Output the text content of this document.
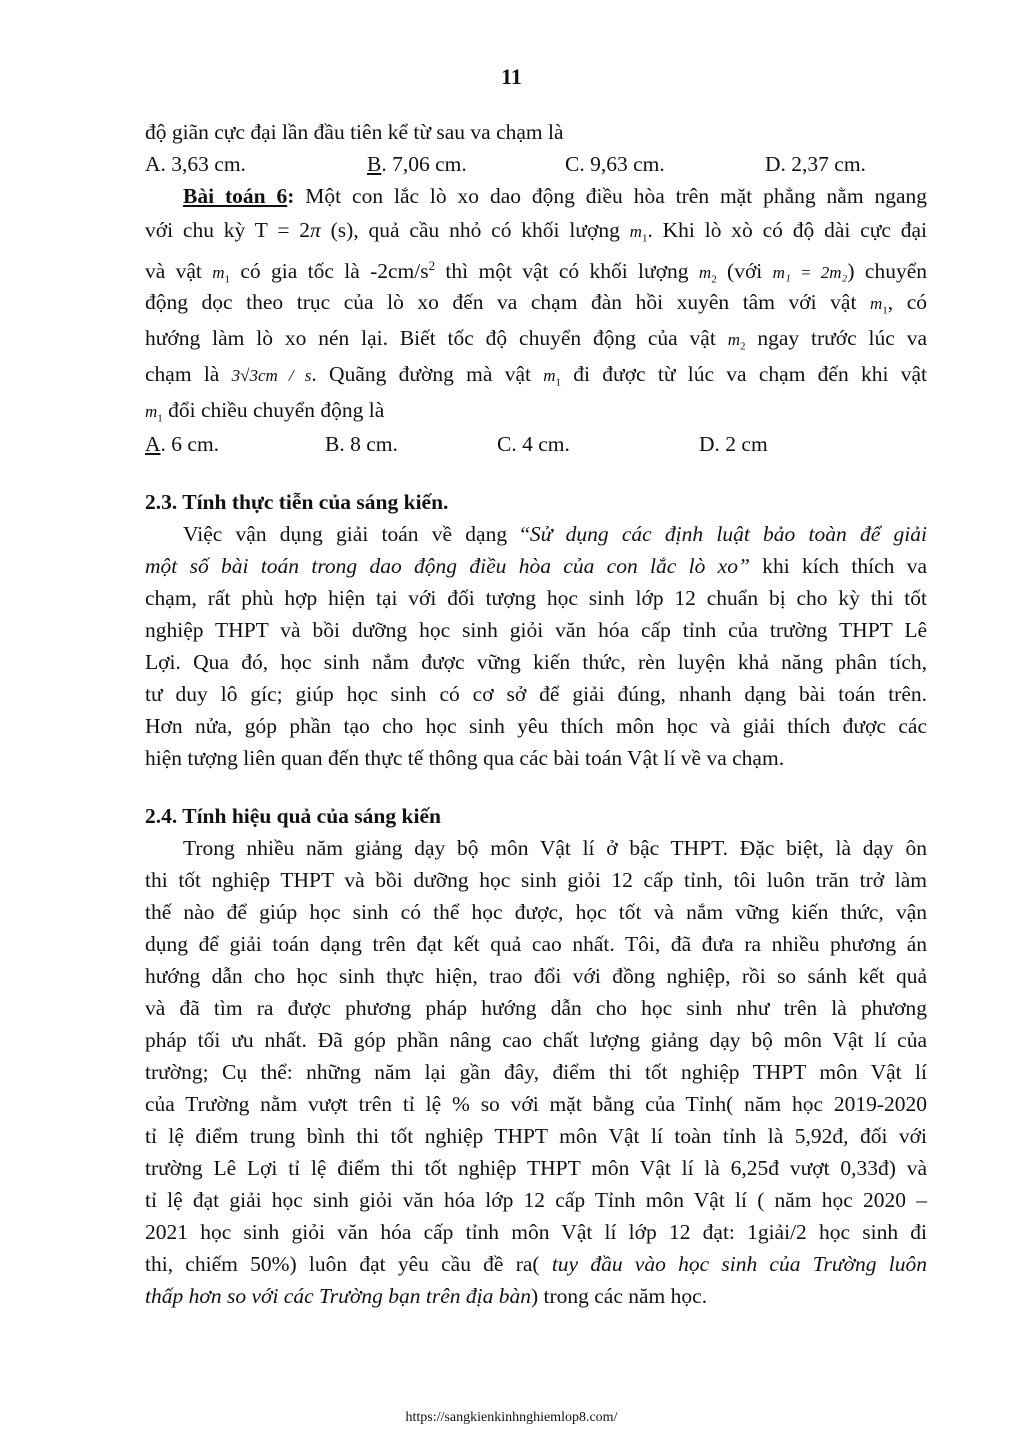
11
độ giãn cực đại lần đầu tiên kể từ sau va chạm là
A. 3,63 cm.	B. 7,06 cm.	C. 9,63 cm.	D. 2,37 cm.
Bài toán 6: Một con lắc lò xo dao động điều hòa trên mặt phẳng nằm ngang
với chu kỳ T = 2π (s), quả cầu nhỏ có khối lượng $m_1$. Khi lò xò có độ dài cực đại
và vật $m_1$ có gia tốc là $-2cm/s^2$ thì một vật có khối lượng $m_2$ (với m₁ = 2m₂) chuyển
động dọc theo trục của lò xo đến va chạm đàn hồi xuyên tâm với vật $m_1$, có
hướng làm lò xo nén lại. Biết tốc độ chuyển động của vật $m_2$ ngay trước lúc va
chạm là 3√3cm / s. Quãng đường mà vật $m_1$ đi được từ lúc va chạm đến khi vật
$m_1$ đổi chiều chuyển động là
A. 6 cm.	B. 8 cm.	C. 4 cm.	D. 2 cm
2.3. Tính thực tiễn của sáng kiến.
Việc vận dụng giải toán về dạng “Sử dụng các định luật bảo toàn để giải
một số bài toán trong dao động điều hòa của con lắc lò xo” khi kích thích va
chạm, rất phù hợp hiện tại với đối tượng học sinh lớp 12 chuẩn bị cho kỳ thi tốt
nghiệp THPT và bồi dưỡng học sinh giỏi văn hóa cấp tỉnh của trường THPT Lê
Lợi. Qua đó, học sinh nắm được vững kiến thức, rèn luyện khả năng phân tích,
tư duy lô gíc; giúp học sinh có cơ sở để giải đúng, nhanh dạng bài toán trên.
Hơn nửa, góp phần tạo cho học sinh yêu thích môn học và giải thích được các
hiện tượng liên quan đến thực tế thông qua các bài toán Vật lí về va chạm.
2.4. Tính hiệu quả của sáng kiến
Trong nhiều năm giảng dạy bộ môn Vật lí ở bậc THPT. Đặc biệt, là dạy ôn
thi tốt nghiệp THPT và bồi dưỡng học sinh giỏi 12 cấp tỉnh, tôi luôn trăn trở làm
thế nào để giúp học sinh có thể học được, học tốt và nắm vững kiến thức, vận
dụng để giải toán dạng trên đạt kết quả cao nhất. Tôi, đã đưa ra nhiều phương án
hướng dẫn cho học sinh thực hiện, trao đổi với đồng nghiệp, rồi so sánh kết quả
và đã tìm ra được phương pháp hướng dẫn cho học sinh như trên là phương
pháp tối ưu nhất. Đã góp phần nâng cao chất lượng giảng dạy bộ môn Vật lí của
trường; Cụ thể: những năm lại gần đây, điểm thi tốt nghiệp THPT môn Vật lí
của Trường nằm vượt trên tỉ lệ % so với mặt bằng của Tỉnh( năm học 2019-2020
tỉ lệ điểm trung bình thi tốt nghiệp THPT môn Vật lí toàn tỉnh là 5,92đ, đối với
trường Lê Lợi tỉ lệ điểm thi tốt nghiệp THPT môn Vật lí là 6,25đ vượt 0,33đ) và
tỉ lệ đạt giải học sinh giỏi văn hóa lớp 12 cấp Tỉnh môn Vật lí ( năm học 2020 –
2021 học sinh giỏi văn hóa cấp tỉnh môn Vật lí lớp 12 đạt: 1giải/2 học sinh đi
thi, chiếm 50%) luôn đạt yêu cầu đề ra( tuy đầu vào học sinh của Trường luôn
thấp hơn so với các Trường bạn trên địa bàn) trong các năm học.
https://sangkienkinhnghiemlop8.com/
